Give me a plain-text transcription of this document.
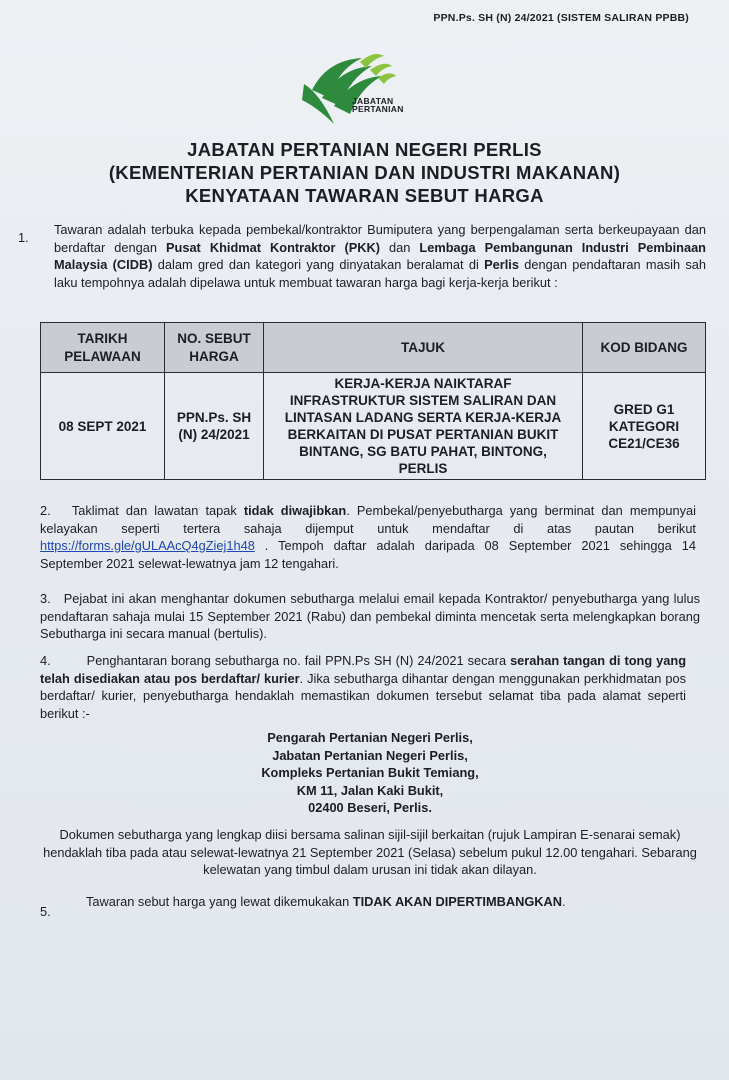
PPN.Ps. SH (N) 24/2021 (SISTEM SALIRAN PPBB)
JABATAN
PERTANIAN
JABATAN PERTANIAN NEGERI PERLIS
(KEMENTERIAN PERTANIAN DAN INDUSTRI MAKANAN)
KENYATAAN TAWARAN SEBUT HARGA
1.
Tawaran adalah terbuka kepada pembekal/kontraktor Bumiputera yang berpengalaman serta berkeupayaan dan berdaftar dengan Pusat Khidmat Kontraktor (PKK) dan Lembaga Pembangunan Industri Pembinaan Malaysia (CIDB) dalam gred dan kategori yang dinyatakan beralamat di Perlis dengan pendaftaran masih sah laku tempohnya adalah dipelawa untuk membuat tawaran harga bagi kerja-kerja berikut :
TARIKH PELAWAAN	NO. SEBUT HARGA	TAJUK	KOD BIDANG
08 SEPT 2021	PPN.Ps. SH (N) 24/2021	KERJA-KERJA NAIKTARAF INFRASTRUKTUR SISTEM SALIRAN DAN LINTASAN LADANG SERTA KERJA-KERJA BERKAITAN DI PUSAT PERTANIAN BUKIT BINTANG, SG BATU PAHAT, BINTONG, PERLIS	GRED G1 KATEGORI CE21/CE36
2. Taklimat dan lawatan tapak tidak diwajibkan. Pembekal/penyebutharga yang berminat dan mempunyai kelayakan seperti tertera sahaja dijemput untuk mendaftar di atas pautan berikut https://forms.gle/gULAAcQ4gZiej1h48 . Tempoh daftar adalah daripada 08 September 2021 sehingga 14 September 2021 selewat-lewatnya jam 12 tengahari.
3. Pejabat ini akan menghantar dokumen sebutharga melalui email kepada Kontraktor/ penyebutharga yang lulus pendaftaran sahaja mulai 15 September 2021 (Rabu) dan pembekal diminta mencetak serta melengkapkan borang Sebutharga ini secara manual (bertulis).
4.	Penghantaran borang sebutharga no. fail PPN.Ps SH (N) 24/2021 secara serahan tangan di tong yang telah disediakan atau pos berdaftar/ kurier. Jika sebutharga dihantar dengan menggunakan perkhidmatan pos berdaftar/ kurier, penyebutharga hendaklah memastikan dokumen tersebut selamat tiba pada alamat seperti berikut :-
Pengarah Pertanian Negeri Perlis,
Jabatan Pertanian Negeri Perlis,
Kompleks Pertanian Bukit Temiang,
KM 11, Jalan Kaki Bukit,
02400 Beseri, Perlis.
Dokumen sebutharga yang lengkap diisi bersama salinan sijil-sijil berkaitan (rujuk Lampiran E-senarai semak) hendaklah tiba pada atau selewat-lewatnya 21 September 2021 (Selasa) sebelum pukul 12.00 tengahari. Sebarang kelewatan yang timbul dalam urusan ini tidak akan dilayan.
5.
Tawaran sebut harga yang lewat dikemukakan TIDAK AKAN DIPERTIMBANGKAN.
